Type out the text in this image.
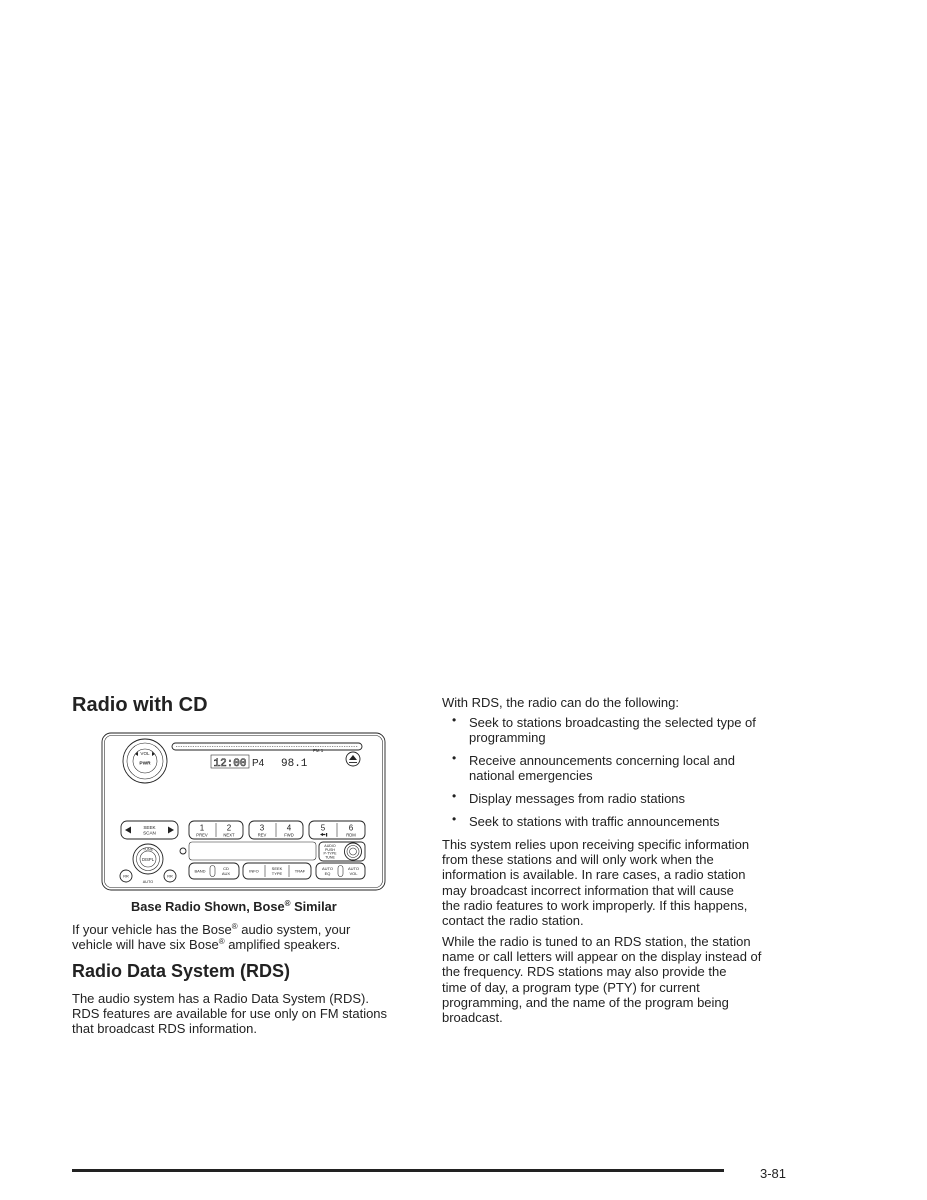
Radio with CD
VOL
PWR	12:00 P4 98.1
FM 1
SEEK
SCAN
1
PREV
2
NEXT
3
REV
4
FWD
5	6
RDM
AUDIO
PUSH
P-TYPE
TUNE
TUNE
DISPL
RR	RR
AUTO
BAND	CD
AUX	INFO	SEEK
TYPE	TRAF	AUTO
EQ
AUTO
VOL
Base Radio Shown, Bose® Similar
If your vehicle has the Bose® audio system, your
vehicle will have six Bose® amplified speakers.
Radio Data System (RDS)
The audio system has a Radio Data System (RDS).
RDS features are available for use only on FM stations
that broadcast RDS information.
With RDS, the radio can do the following:
• Seek to stations broadcasting the selected type of
programming
• Receive announcements concerning local and
national emergencies
• Display messages from radio stations
• Seek to stations with traffic announcements
This system relies upon receiving specific information
from these stations and will only work when the
information is available. In rare cases, a radio station
may broadcast incorrect information that will cause
the radio features to work improperly. If this happens,
contact the radio station.
While the radio is tuned to an RDS station, the station
name or call letters will appear on the display instead of
the frequency. RDS stations may also provide the
time of day, a program type (PTY) for current
programming, and the name of the program being
broadcast.
3-81
